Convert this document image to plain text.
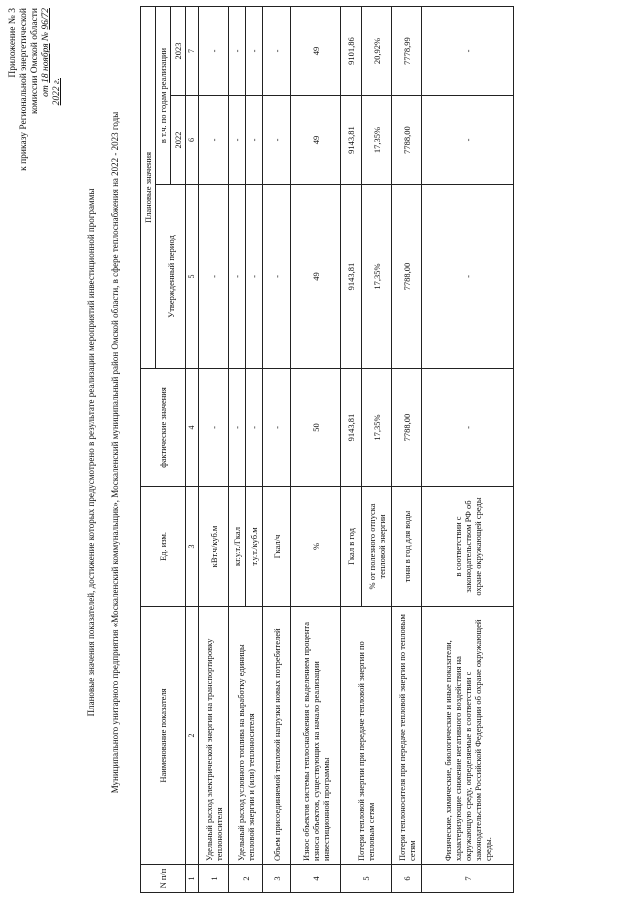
Приложение № 3 к приказу Региональной энергетической комиссии Омской области от 18 ноября № 96/72
2022 г.
Плановые значения показателей, достижение которых предусмотрено в результате реализации мероприятий инвестиционной программы Муниципального унитарного предприятия «Москаленский коммунальщик», Москаленский муниципальный район Омской области, в сфере теплоснабжения на 2022 - 2023 годы
N п/п	Наименование показателя	Ед. изм.	фактические значения	Плановые значения		
				Утвержденный период	в т.ч. по годам реализации	
					2022	2023
1	2	3	4	5	6	7
1	Удельный расход электрической энергии на транспортировку теплоносителя	кВт.ч/куб.м	-	-	-	-
2	Удельный расход условного топлива на выработку единицы тепловой энергии и (или) теплоносителя	кг.у.т./Гкал	-	-	-	-
		т.у.т./куб.м	-	-	-	-
3	Объем присоединяемой тепловой нагрузки новых потребителей	Гкал/ч	-	-	-	-
4	Износ объектов системы теплоснабжения с выделением процента износа объектов, существующих на начало реализации инвестиционной программы	%	50	49	49	49
5	Потери тепловой энергии при передаче тепловой энергии по тепловым сетям	Гкал в год	9143,81	9143,81	9143,81	9101,86
		% от полезного отпуска тепловой энергии	17,35%	17,35%	17,35%	20,92%
6	Потери теплоносителя при передаче тепловой энергии по тепловым сетям	тонн в год для воды	7788,00	7788,00	7788,00	7778,99
7	Физические, химические, биологические и иные показатели, характеризующие снижение негативного воздействия на окружающую среду, определяемые в соответствии с законодательством Российской Федерации об охране окружающей среды.	в соответствии с законодательством РФ об охране окружающей среды	-	-	-	-
